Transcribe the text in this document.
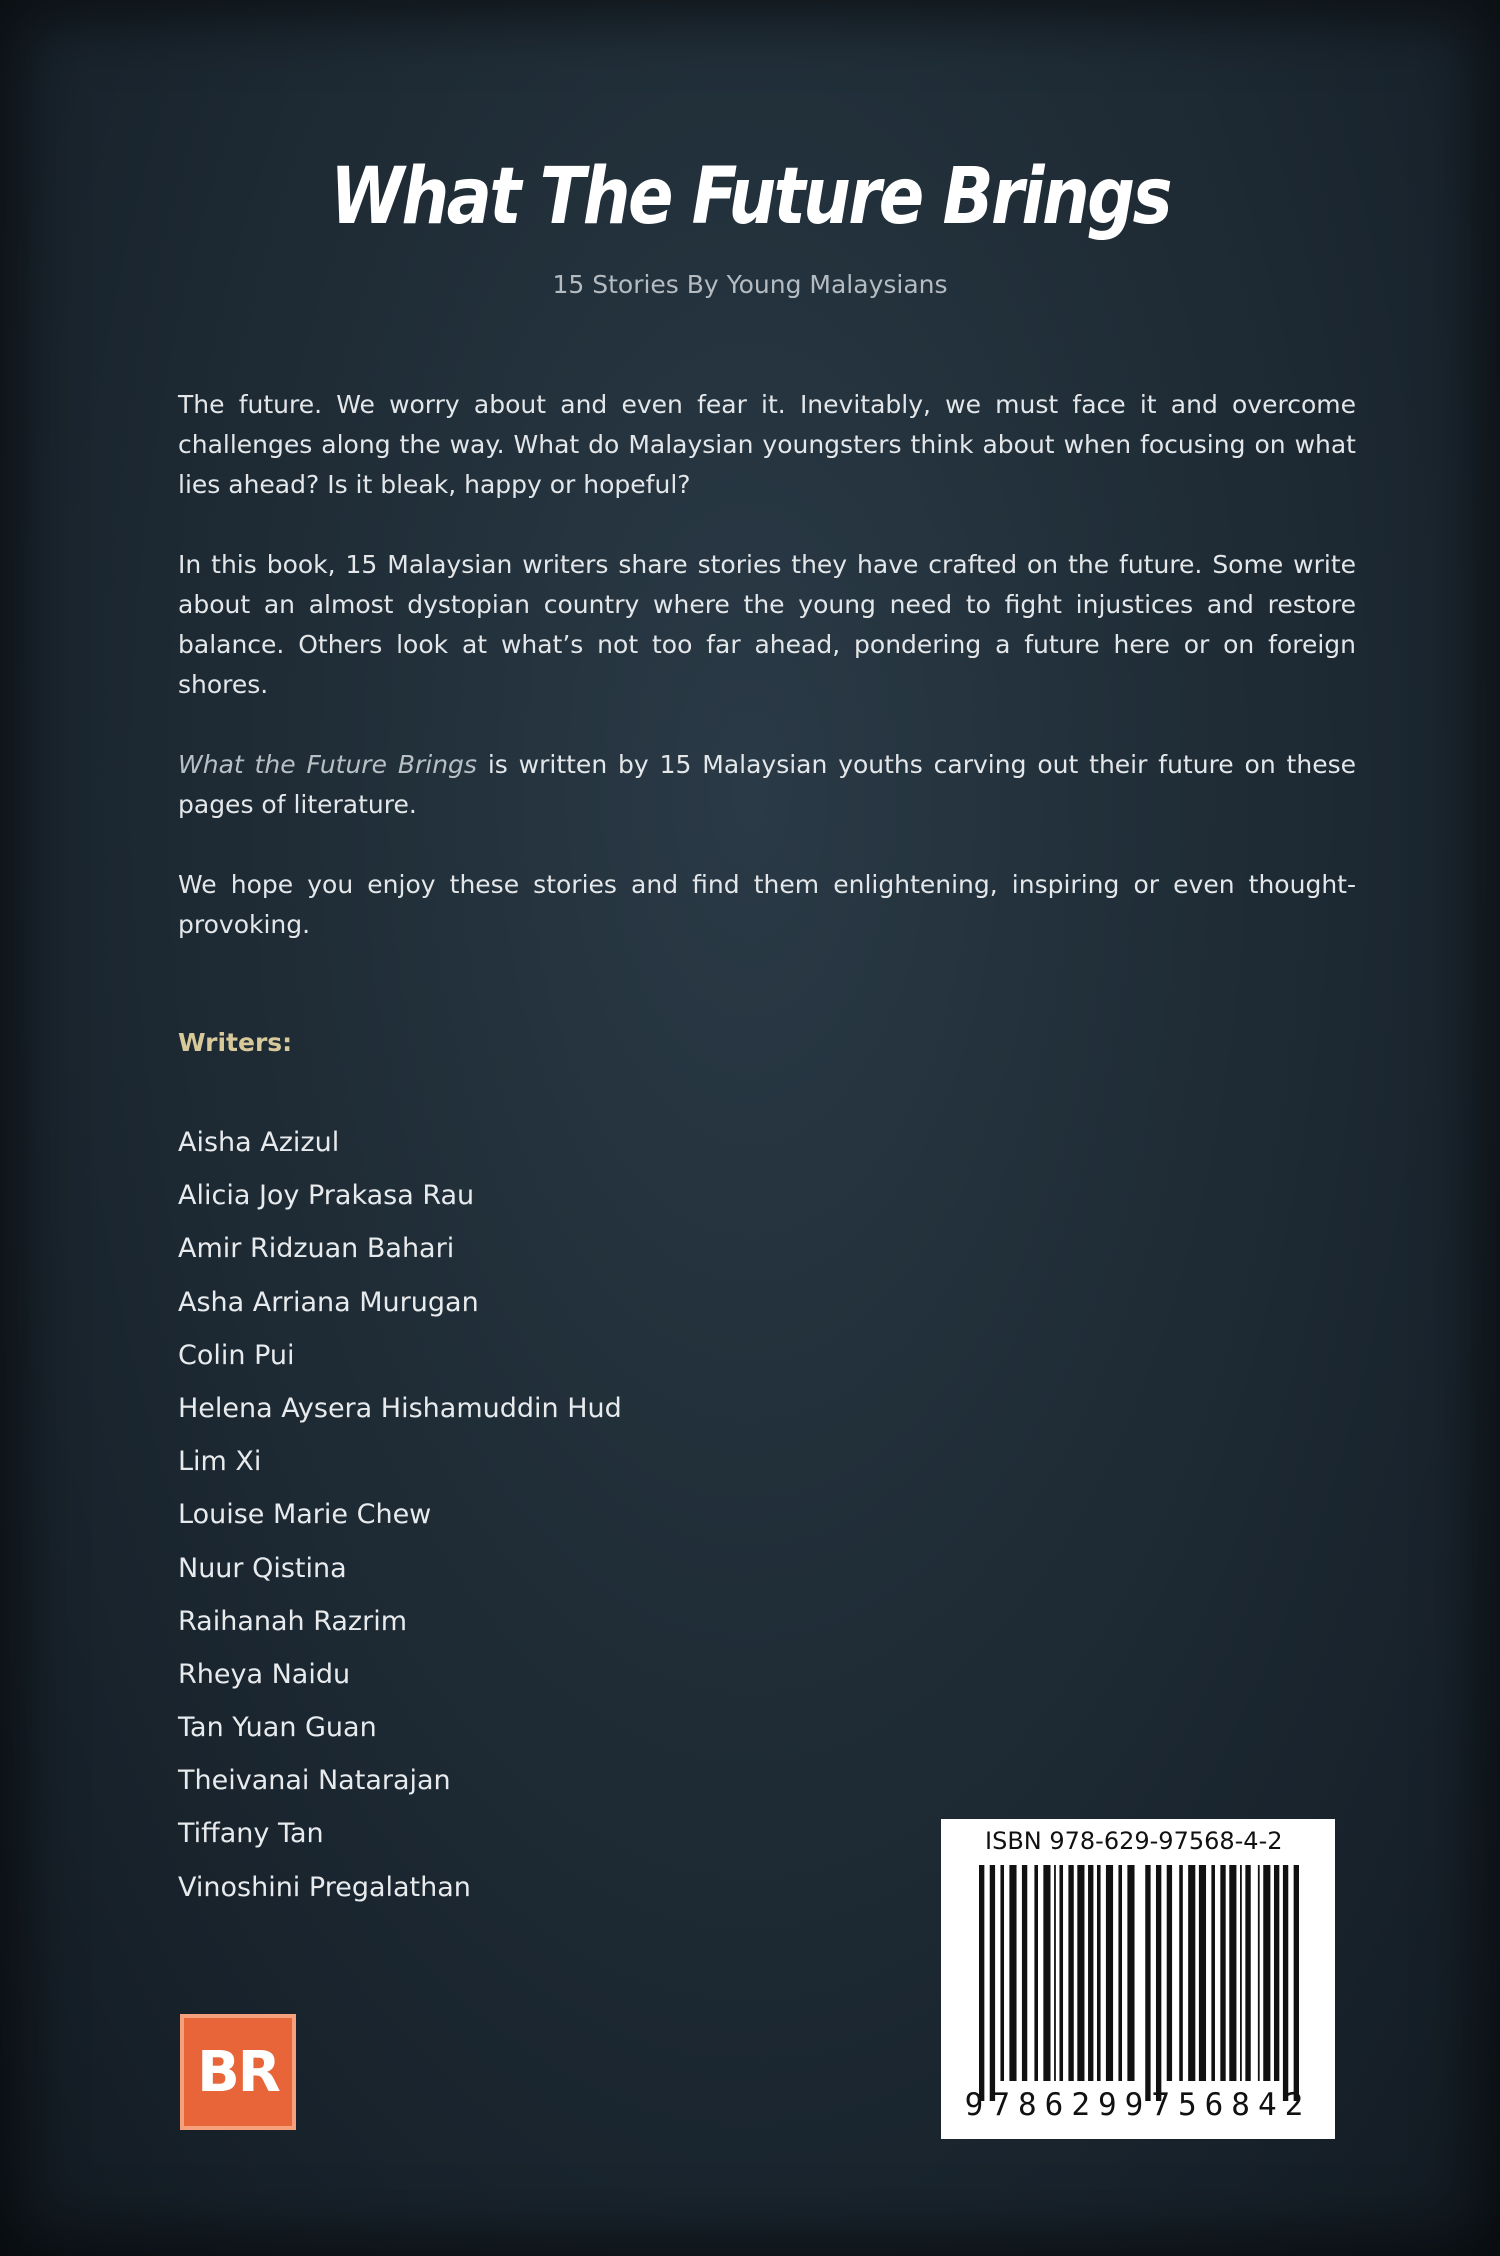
What The Future Brings
15 Stories By Young Malaysians

The future. We worry about and even fear it. Inevitably, we must face it and overcome challenges along the way. What do Malaysian youngsters think about when focusing on what lies ahead? Is it bleak, happy or hopeful?

In this book, 15 Malaysian writers share stories they have crafted on the future. Some write about an almost dystopian country where the young need to fight injustices and restore balance. Others look at what’s not too far ahead, pondering a future here or on foreign shores.

What the Future Brings is written by 15 Malaysian youths carving out their future on these pages of literature.

We hope you enjoy these stories and find them enlightening, inspiring or even thought-provoking.

Writers:
Aisha Azizul
Alicia Joy Prakasa Rau
Amir Ridzuan Bahari
Asha Arriana Murugan
Colin Pui
Helena Aysera Hishamuddin Hud
Lim Xi
Louise Marie Chew
Nuur Qistina
Raihanah Razrim
Rheya Naidu
Tan Yuan Guan
Theivanai Natarajan
Tiffany Tan
Vinoshini Pregalathan
BR
ISBN 978-629-97568-4-2
9786299756842
